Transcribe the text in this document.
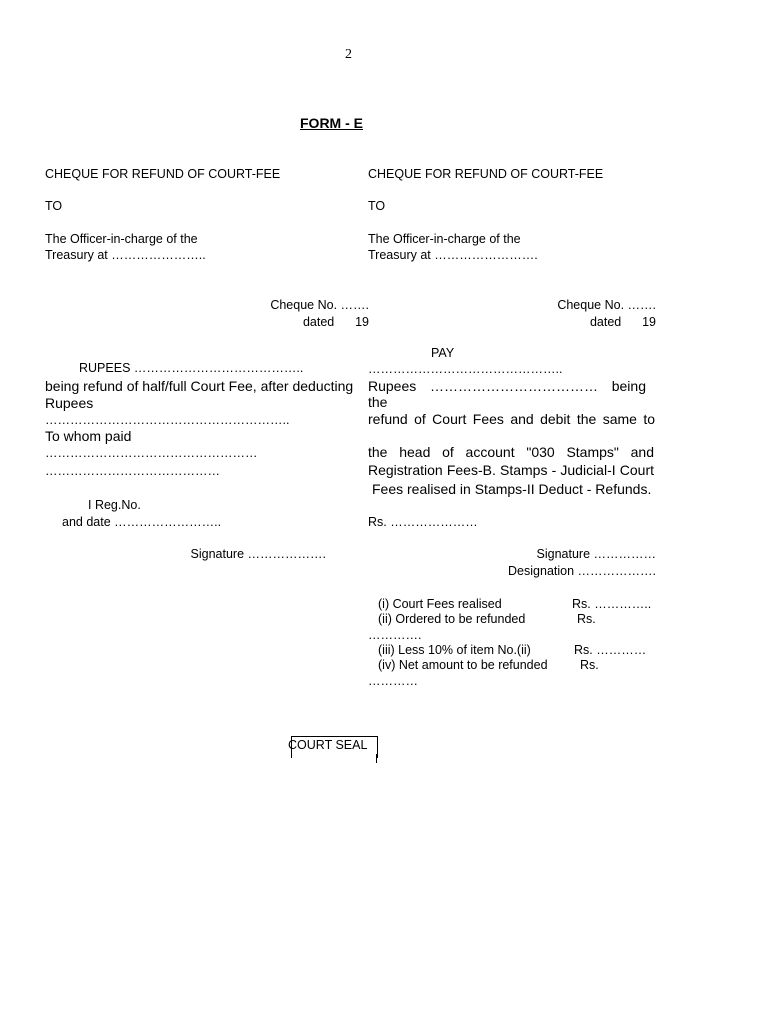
2
FORM - E
CHEQUE FOR REFUND OF COURT-FEE
TO
The Officer-in-charge of the
Treasury at …………………..
Cheque No. …….
dated      19
RUPEES …………………………………..
being refund of half/full Court Fee, after deducting
Rupees
…………………………………………………..
To whom paid
……………………………………………
……………………………………
I Reg.No.
and date ……………………..
Signature ……………….
CHEQUE FOR REFUND OF COURT-FEE
TO
The Officer-in-charge of the
Treasury at …………………….
Cheque No. …….
dated      19
PAY
………………………………………..
Rupees ……………………………… being the
refund of Court Fees and debit the same to
the head of account "030 Stamps" and
Registration Fees-B. Stamps - Judicial-I Court
Fees realised in Stamps-II Deduct - Refunds.
Rs. …………………
Signature ……………
Designation ……………….
(i) Court Fees realised	Rs. …………..
(ii) Ordered to be refunded	Rs.
………….
(iii) Less 10% of item No.(ii)	Rs. …………
(iv) Net amount to be refunded	Rs.
…………
COURT SEAL
